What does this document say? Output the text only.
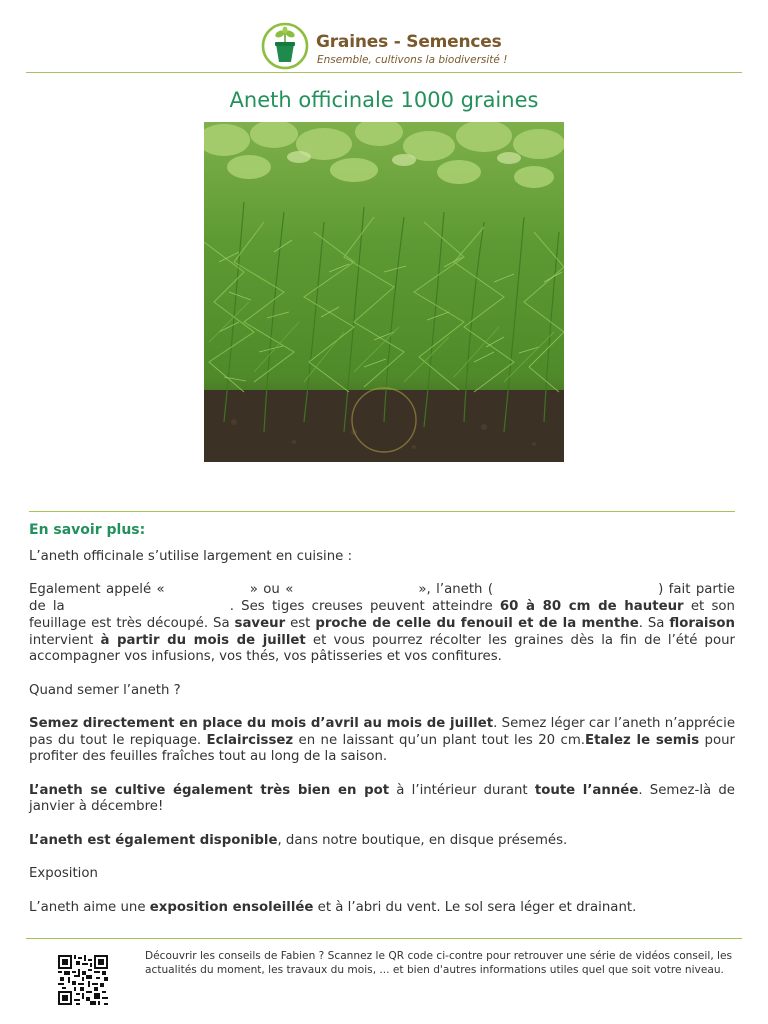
Graines - Semences
Ensemble, cultivons la biodiversité !
Aneth officinale 1000 graines
En savoir plus:

L’aneth officinale s’utilise largement en cuisine :

Egalement appelé «	» ou «	», l’aneth (	) fait partie de la	. Ses tiges creuses peuvent atteindre 60 à 80 cm de hauteur et son feuillage est très découpé. Sa saveur est proche de celle du fenouil et de la menthe. Sa floraison intervient à partir du mois de juillet et vous pourrez récolter les graines dès la fin de l’été pour accompagner vos infusions, vos thés, vos pâtisseries et vos confitures.

Quand semer l’aneth ?

Semez directement en place du mois d’avril au mois de juillet. Semez léger car l’aneth n’apprécie pas du tout le repiquage. Eclaircissez en ne laissant qu’un plant tout les 20 cm.Etalez le semis pour profiter des feuilles fraîches tout au long de la saison.

L’aneth se cultive également très bien en pot à l’intérieur durant toute l’année. Semez-là de janvier à décembre!

L’aneth est également disponible, dans notre boutique, en disque présemés.

Exposition

L’aneth aime une exposition ensoleillée et à l’abri du vent. Le sol sera léger et drainant.

Découvrir les conseils de Fabien ? Scannez le QR code ci-contre pour retrouver une série de vidéos conseil, les actualités du moment, les travaux du mois, ... et bien d'autres informations utiles quel que soit votre niveau.
